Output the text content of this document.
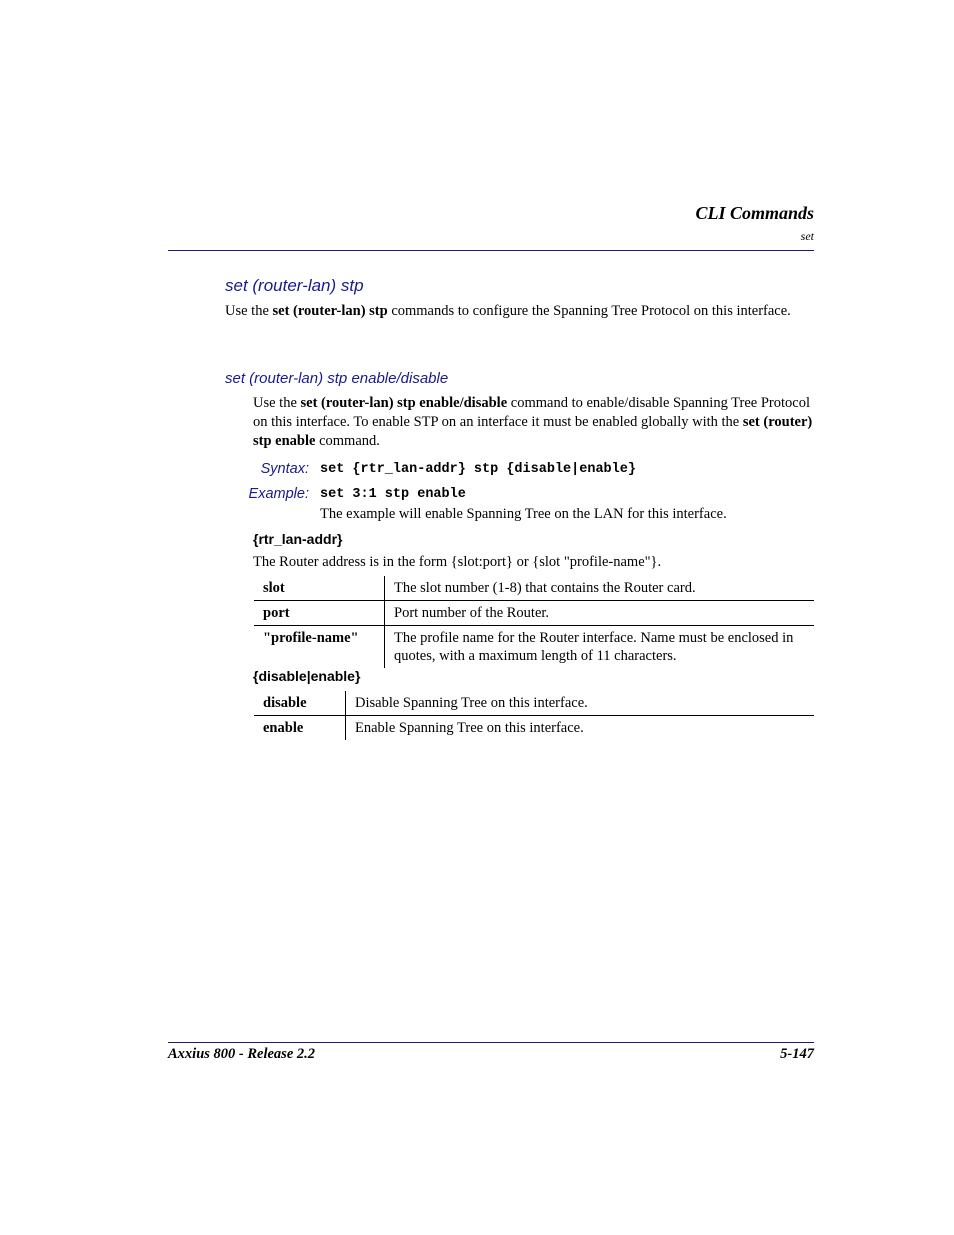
CLI Commands
set
set (router-lan) stp
Use the set (router-lan) stp commands to configure the Spanning Tree Protocol on this interface.
set (router-lan) stp enable/disable
Use the set (router-lan) stp enable/disable command to enable/disable Spanning Tree Protocol on this interface. To enable STP on an interface it must be enabled globally with the set (router) stp enable command.
Syntax: set {rtr_lan-addr} stp {disable|enable}
Example: set 3:1 stp enable
The example will enable Spanning Tree on the LAN for this interface.
{rtr_lan-addr}
The Router address is in the form {slot:port} or {slot "profile-name"}.
slot	The slot number (1-8) that contains the Router card.
port	Port number of the Router.
"profile-name"	The profile name for the Router interface. Name must be enclosed in quotes, with a maximum length of 11 characters.
{disable|enable}
disable	Disable Spanning Tree on this interface.
enable	Enable Spanning Tree on this interface.
Axxius 800 - Release 2.2	5-147
